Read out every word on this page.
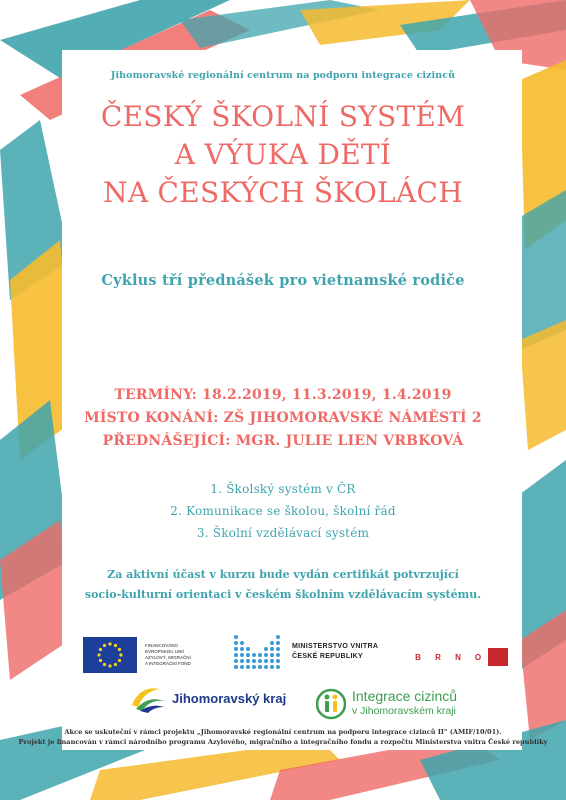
Jihomoravské regionální centrum na podporu integrace cizinců
ČESKÝ ŠKOLNÍ SYSTÉM
A VÝUKA DĚTÍ
NA ČESKÝCH ŠKOLÁCH
Cyklus tří přednášek pro vietnamské rodiče
TERMÍNY: 18.2.2019, 11.3.2019, 1.4.2019
MÍSTO KONÁNÍ: ZŠ JIHOMORAVSKÉ NÁMĚSTÍ 2
PŘEDNÁŠEJÍCÍ: MGR. JULIE LIEN VRBKOVÁ
1. Školský systém v ČR
2. Komunikace se školou, školní řád
3. Školní vzdělávací systém
Za aktivní účast v kurzu bude vydán certifikát potvrzující
socio-kulturní orientaci v českém školním vzdělávacím systému.
Akce se uskuteční v rámci projektu „Jihomoravské regionální centrum na podporu integrace cizinců II" (AMIF/10/01).
Projekt je financován v rámci národního programu Azylového, migračního a integračního fondu a rozpočtu Ministerstva vnitra České republiky
FINANCOVÁNO
EVROPSKOU UNIÍ
AZYLOVÝ, MIGRAČNÍ
A INTEGRAČNÍ FOND
MINISTERSTVO VNITRA
ČESKÉ REPUBLIKY	B	R	N	O
Jihomoravský kraj	Integrace cizinců
v Jihomoravském kraji
